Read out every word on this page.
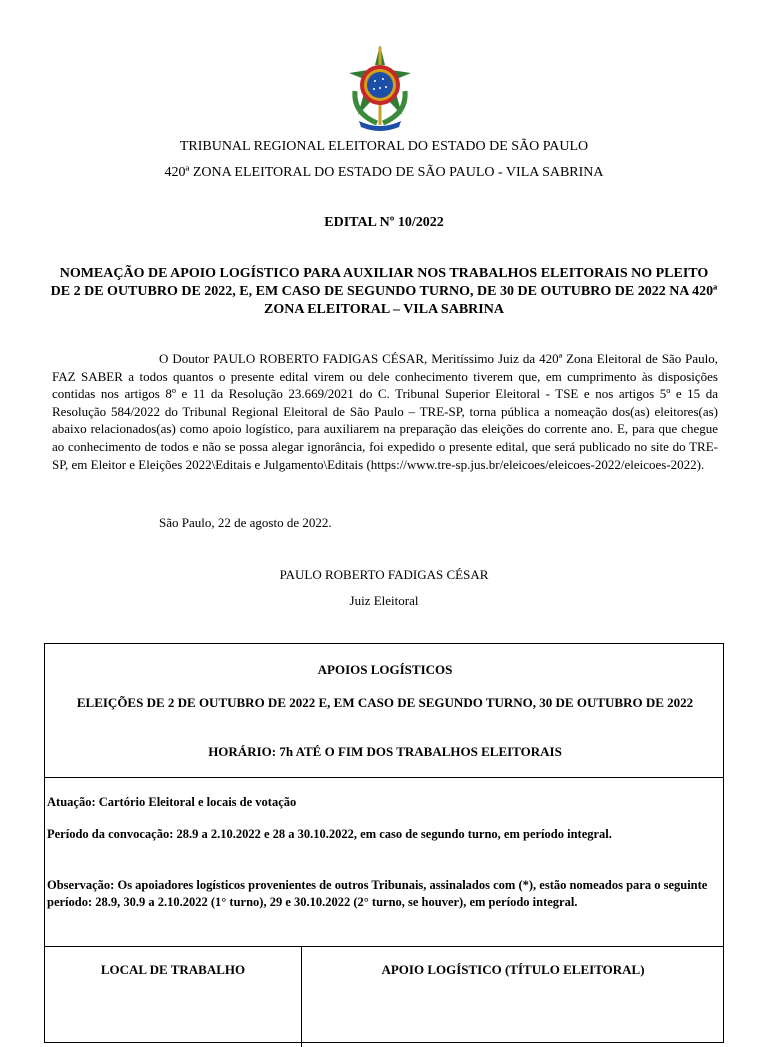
TRIBUNAL REGIONAL ELEITORAL DO ESTADO DE SÃO PAULO
420ª ZONA ELEITORAL DO ESTADO DE SÃO PAULO - VILA SABRINA
EDITAL Nº 10/2022
NOMEAÇÃO DE APOIO LOGÍSTICO PARA AUXILIAR NOS TRABALHOS ELEITORAIS NO PLEITO DE 2 DE OUTUBRO DE 2022, E, EM CASO DE SEGUNDO TURNO, DE 30 DE OUTUBRO DE 2022 NA 420ª ZONA ELEITORAL – VILA SABRINA
O Doutor PAULO ROBERTO FADIGAS CÉSAR, Meritíssimo Juiz da 420ª Zona Eleitoral de São Paulo, FAZ SABER a todos quantos o presente edital virem ou dele conhecimento tiverem que, em cumprimento às disposições contidas nos artigos 8º e 11 da Resolução 23.669/2021 do C. Tribunal Superior Eleitoral - TSE e nos artigos 5º e 15 da Resolução 584/2022 do Tribunal Regional Eleitoral de São Paulo – TRE-SP, torna pública a nomeação dos(as) eleitores(as) abaixo relacionados(as) como apoio logístico, para auxiliarem na preparação das eleições do corrente ano. E, para que chegue ao conhecimento de todos e não se possa alegar ignorância, foi expedido o presente edital, que será publicado no site do TRE-SP, em Eleitor e Eleições 2022\Editais e Julgamento\Editais (https://www.tre-sp.jus.br/eleicoes/eleicoes-2022/eleicoes-2022).
São Paulo, 22 de agosto de 2022.
PAULO ROBERTO FADIGAS CÉSAR
Juiz Eleitoral
APOIOS LOGÍSTICOS
ELEIÇÕES DE 2 DE OUTUBRO DE 2022 E, EM CASO DE SEGUNDO TURNO, 30 DE OUTUBRO DE 2022
HORÁRIO: 7h ATÉ O FIM DOS TRABALHOS ELEITORAIS
Atuação: Cartório Eleitoral e locais de votação
Período da convocação: 28.9 a 2.10.2022 e 28 a 30.10.2022, em caso de segundo turno, em período integral.
Observação: Os apoiadores logísticos provenientes de outros Tribunais, assinalados com (*), estão nomeados para o seguinte período: 28.9, 30.9 a 2.10.2022 (1° turno), 29 e 30.10.2022 (2° turno, se houver), em período integral.
LOCAL DE TRABALHO	APOIO LOGÍSTICO (TÍTULO ELEITORAL)
